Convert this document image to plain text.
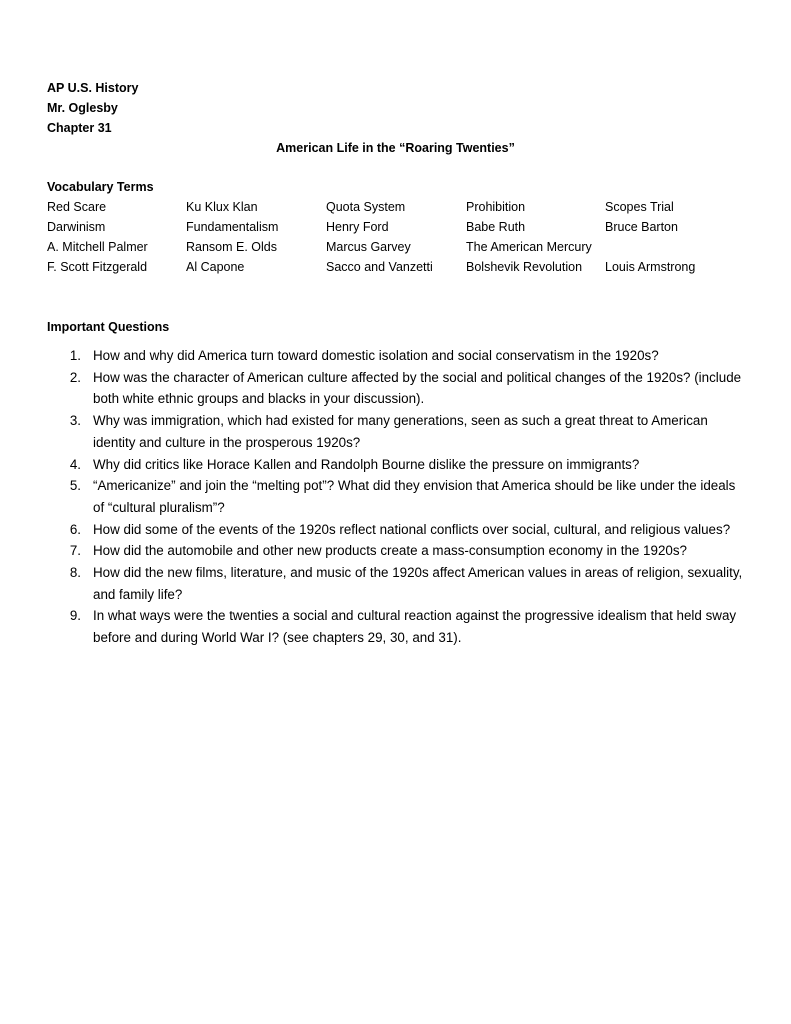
AP U.S. History
Mr. Oglesby
Chapter 31
American Life in the “Roaring Twenties”
Vocabulary Terms
Red Scare	Ku Klux Klan	Quota System	Prohibition	Scopes Trial
Darwinism	Fundamentalism	Henry Ford	Babe Ruth	Bruce Barton
A. Mitchell Palmer	Ransom E. Olds	Marcus Garvey	The American Mercury
F. Scott Fitzgerald	Al Capone	Sacco and Vanzetti	Bolshevik Revolution	Louis Armstrong
Important Questions
1. How and why did America turn toward domestic isolation and social conservatism in the 1920s?
2. How was the character of American culture affected by the social and political changes of the 1920s? (include both white ethnic groups and blacks in your discussion).
3. Why was immigration, which had existed for many generations, seen as such a great threat to American identity and culture in the prosperous 1920s?
4. Why did critics like Horace Kallen and Randolph Bourne dislike the pressure on immigrants?
5. “Americanize” and join the “melting pot”? What did they envision that America should be like under the ideals of “cultural pluralism”?
6. How did some of the events of the 1920s reflect national conflicts over social, cultural, and religious values?
7. How did the automobile and other new products create a mass-consumption economy in the 1920s?
8. How did the new films, literature, and music of the 1920s affect American values in areas of religion, sexuality, and family life?
9. In what ways were the twenties a social and cultural reaction against the progressive idealism that held sway before and during World War I? (see chapters 29, 30, and 31).
